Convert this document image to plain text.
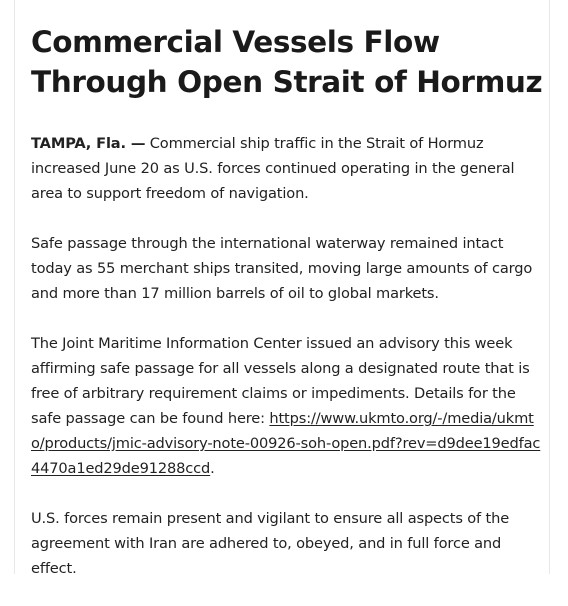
Commercial Vessels Flow Through Open Strait of Hormuz

TAMPA, Fla. — Commercial ship traffic in the Strait of Hormuz increased June 20 as U.S. forces continued operating in the general area to support freedom of navigation.

Safe passage through the international waterway remained intact today as 55 merchant ships transited, moving large amounts of cargo and more than 17 million barrels of oil to global markets.

The Joint Maritime Information Center issued an advisory this week affirming safe passage for all vessels along a designated route that is free of arbitrary requirement claims or impediments. Details for the safe passage can be found here: https://www.ukmto.org/-/media/ukmto/products/jmic-advisory-note-00926-soh-open.pdf?rev=d9dee19edfac4470a1ed29de91288ccd.

U.S. forces remain present and vigilant to ensure all aspects of the agreement with Iran are adhered to, obeyed, and in full force and effect.
